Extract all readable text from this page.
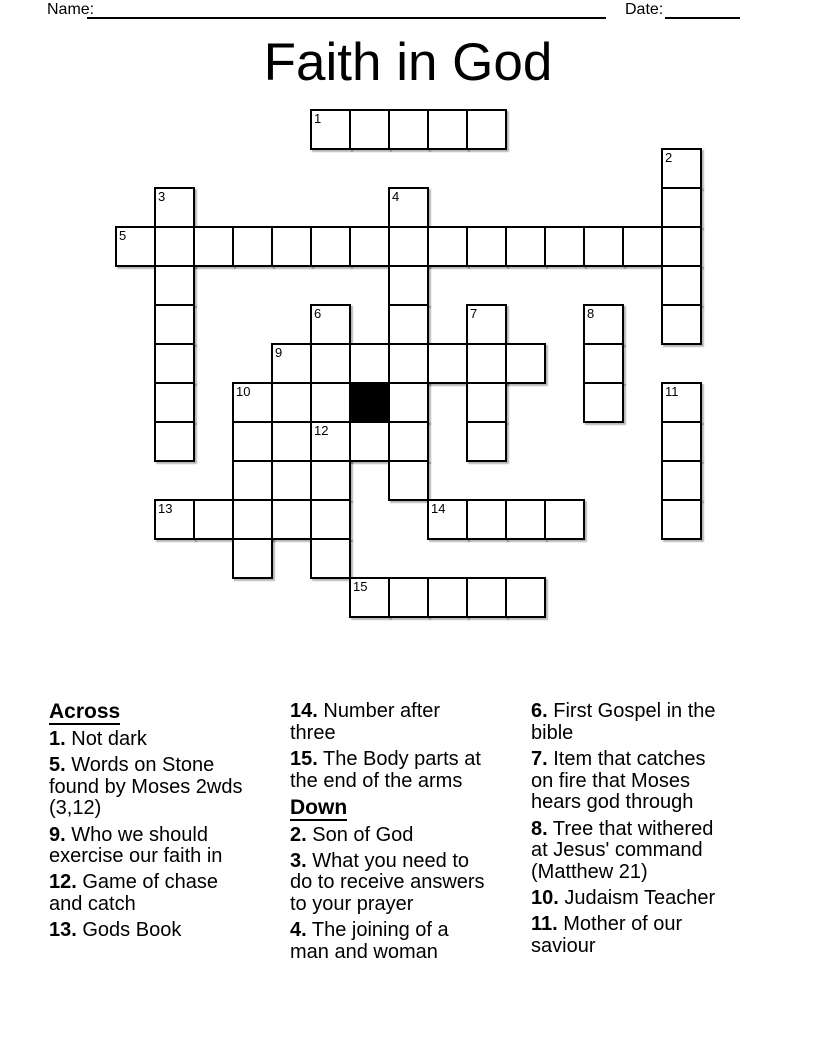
Name:	Date:
Faith in God
1
2
3	4
5
6	7	8
9
10	11
12
13	14
15
Across
1. Not dark
5. Words on Stone
found by Moses 2wds
(3,12)
9. Who we should
exercise our faith in
12. Game of chase
and catch
13. Gods Book
14. Number after
three
15. The Body parts at
the end of the arms
Down
2. Son of God
3. What you need to
do to receive answers
to your prayer
4. The joining of a
man and woman
6. First Gospel in the
bible
7. Item that catches
on fire that Moses
hears god through
8. Tree that withered
at Jesus' command
(Matthew 21)
10. Judaism Teacher
11. Mother of our
saviour
